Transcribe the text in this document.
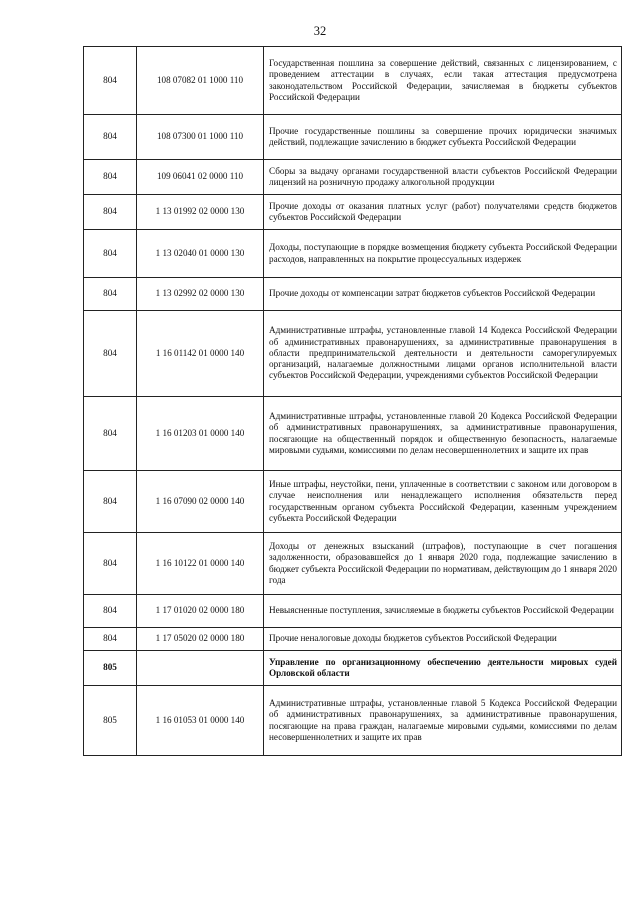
32
804	108 07082 01 1000 110	Государственная пошлина за совершение действий, связанных с лицензированием, с проведением аттестации в случаях, если такая аттестация предусмотрена законодательством Российской Федерации, зачисляемая в бюджеты субъектов Российской Федерации
804	108 07300 01 1000 110	Прочие государственные пошлины за совершение прочих юридически значимых действий, подлежащие зачислению в бюджет субъекта Российской Федерации
804	109 06041 02 0000 110	Сборы за выдачу органами государственной власти субъектов Российской Федерации лицензий на розничную продажу алкогольной продукции
804	1 13 01992 02 0000 130	Прочие доходы от оказания платных услуг (работ) получателями средств бюджетов субъектов Российской Федерации
804	1 13 02040 01 0000 130	Доходы, поступающие в порядке возмещения бюджету субъекта Российской Федерации расходов, направленных на покрытие процессуальных издержек
804	1 13 02992 02 0000 130	Прочие доходы от компенсации затрат бюджетов субъектов Российской Федерации
804	1 16 01142 01 0000 140	Административные штрафы, установленные главой 14 Кодекса Российской Федерации об административных правонарушениях, за административные правонарушения в области предпринимательской деятельности и деятельности саморегулируемых организаций, налагаемые должностными лицами органов исполнительной власти субъектов Российской Федерации, учреждениями субъектов Российской Федерации
804	1 16 01203 01 0000 140	Административные штрафы, установленные главой 20 Кодекса Российской Федерации об административных правонарушениях, за административные правонарушения, посягающие на общественный порядок и общественную безопасность, налагаемые мировыми судьями, комиссиями по делам несовершеннолетних и защите их прав
804	1 16 07090 02 0000 140	Иные штрафы, неустойки, пени, уплаченные в соответствии с законом или договором в случае неисполнения или ненадлежащего исполнения обязательств перед государственным органом субъекта Российской Федерации, казенным учреждением субъекта Российской Федерации
804	1 16 10122 01 0000 140	Доходы от денежных взысканий (штрафов), поступающие в счет погашения задолженности, образовавшейся до 1 января 2020 года, подлежащие зачислению в бюджет субъекта Российской Федерации по нормативам, действующим до 1 января 2020 года
804	1 17 01020 02 0000 180	Невыясненные поступления, зачисляемые в бюджеты субъектов Российской Федерации
804	1 17 05020 02 0000 180	Прочие неналоговые доходы бюджетов субъектов Российской Федерации
805		Управление по организационному обеспечению деятельности мировых судей Орловской области
805	1 16 01053 01 0000 140	Административные штрафы, установленные главой 5 Кодекса Российской Федерации об административных правонарушениях, за административные правонарушения, посягающие на права граждан, налагаемые мировыми судьями, комиссиями по делам несовершеннолетних и защите их прав
